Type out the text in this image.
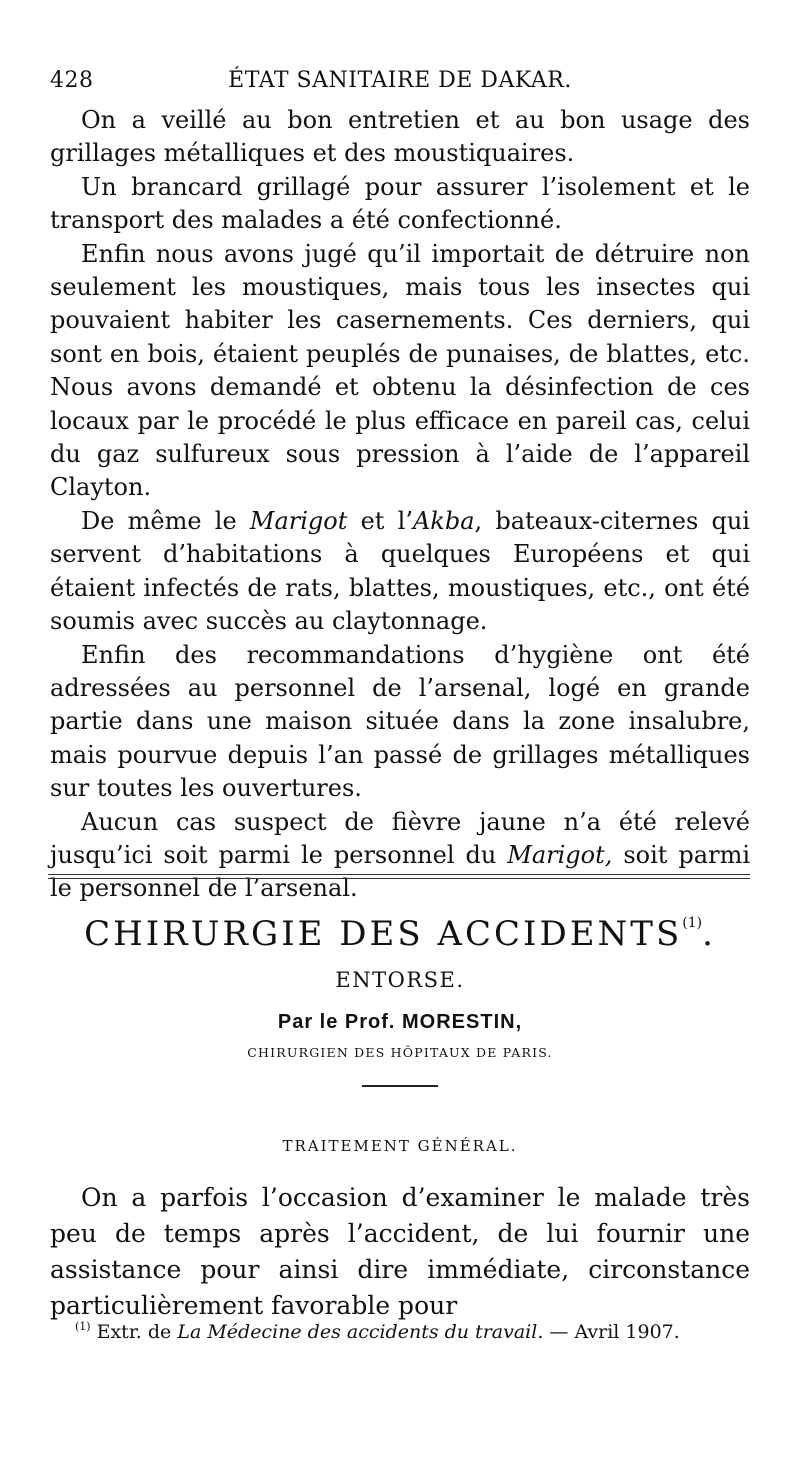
428	ÉTAT SANITAIRE DE DAKAR.

On a veillé au bon entretien et au bon usage des grillages métalliques et des moustiquaires.

Un brancard grillagé pour assurer l’isolement et le transport des malades a été confectionné.

Enfin nous avons jugé qu’il importait de détruire non seulement les moustiques, mais tous les insectes qui pouvaient habiter les casernements. Ces derniers, qui sont en bois, étaient peuplés de punaises, de blattes, etc. Nous avons demandé et obtenu la désinfection de ces locaux par le procédé le plus efficace en pareil cas, celui du gaz sulfureux sous pression à l’aide de l’appareil Clayton.

De même le Marigot et l’Akba, bateaux-citernes qui servent d’habitations à quelques Européens et qui étaient infectés de rats, blattes, moustiques, etc., ont été soumis avec succès au claytonnage.

Enfin des recommandations d’hygiène ont été adressées au personnel de l’arsenal, logé en grande partie dans une maison située dans la zone insalubre, mais pourvue depuis l’an passé de grillages métalliques sur toutes les ouvertures.

Aucun cas suspect de fièvre jaune n’a été relevé jusqu’ici soit parmi le personnel du Marigot, soit parmi le personnel de l’arsenal.

CHIRURGIE DES ACCIDENTS$^{(1)}$.
ENTORSE.
Par le Prof. MORESTIN,
CHIRURGIEN DES HÔPITAUX DE PARIS.
TRAITEMENT GÉNÉRAL.

On a parfois l’occasion d’examiner le malade très peu de temps après l’accident, de lui fournir une assistance pour ainsi dire immédiate, circonstance particulièrement favorable pour

$^{(1)}$ Extr. de La Médecine des accidents du travail. — Avril 1907.
